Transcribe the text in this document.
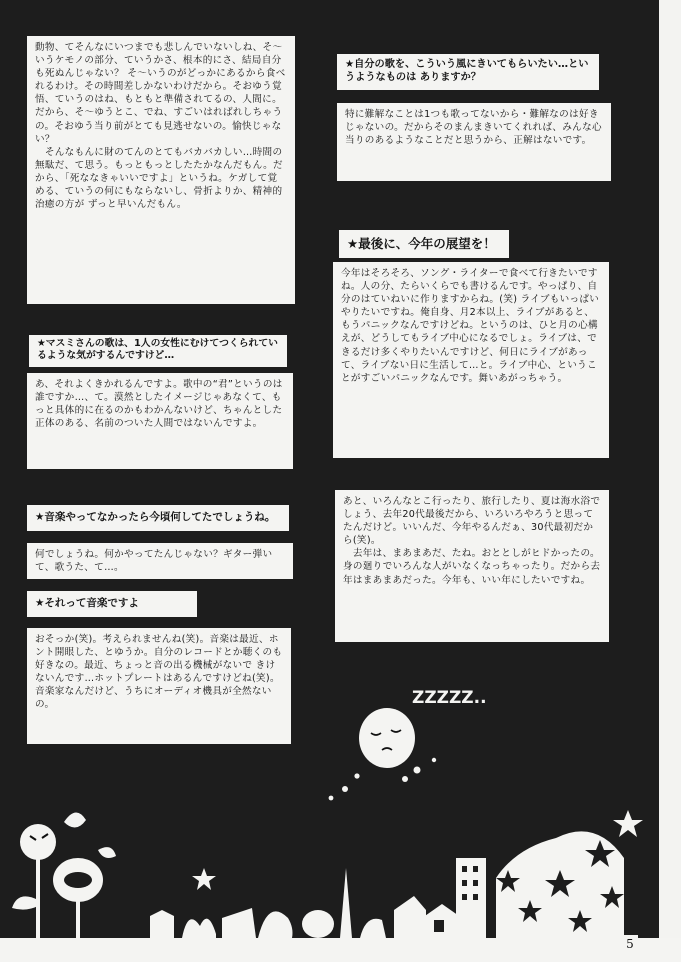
動物、てそんなにいつまでも悲しんでいないしね、そ～いうケモノの部分、ていうかさ、根本的にさ、結局自分も死ぬんじゃない？ そ～いうのがどっかにあるから食べれるわけ。その時間差しかないわけだから。そおゆう覚悟、ていうのはね、もともと準備されてるの、人間に。だから、そ～ゆうとこ、でね、すごいはればれしちゃうの。そおゆう当り前がとても見逃せないの。愉快じゃない？
　そんなもんに財のてんのとてもバカバカしい…時間の無駄だ、て思う。もっともっとしたたかなんだもん。だから、「死ななきゃいいですよ」というね。ケガして覚める、ていうの何にもならないし、骨折よりか、精神的治癒の方が ずっと早いんだもん。

★マスミさんの歌は、1人の女性にむけてつくられているような気がするんですけど…

あ、それよくきかれるんですよ。歌中の“君”というのは誰ですか…、て。漠然としたイメージじゃあなくて、もっと具体的に在るのかもわかんないけど、ちゃんとした正体のある、名前のついた人間ではないんですよ。

★音楽やってなかったら今頃何してたでしょうね。

何でしょうね。何かやってたんじゃない？ギター弾いて、歌うた、て…。

★それって音楽ですよ

おそっか(笑)。考えられませんね(笑)。音楽は最近、ホント開眼した、とゆうか。自分のレコードとか聴くのも好きなの。最近、ちょっと音の出る機械がないで きけないんです…ホットプレートはあるんですけどね(笑)。音楽家なんだけど、うちにオーディオ機具が全然ないの。

★自分の歌を、こういう風にきいてもらいたい…というようなものは ありますか？

特に難解なことは1つも歌ってないから・難解なのは好きじゃないの。だからそのまんまきいてくれれば、みんな心当りのあるようなことだと思うから、正解はないです。

★最後に、今年の展望を！

今年はそろそろ、ソング・ライターで食べて行きたいですね。人の分、たらいくらでも書けるんです。やっぱり、自分のはていねいに作りますからね。(笑) ライブもいっぱいやりたいですね。俺自身、月2本以上、ライブがあると、もうパニックなんですけどね。というのは、ひと月の心構えが、どうしてもライブ中心になるでしょ。ライブは、できるだけ多くやりたいんですけど、何日にライブがあって、ライブない日に生活して…と。ライブ中心、ということがすごいパニックなんです。舞いあがっちゃう。

あと、いろんなとこ行ったり、旅行したり、夏は海水浴でしょう、去年20代最後だから、いろいろやろうと思ってたんだけど。いいんだ、今年やるんだぁ、30代最初だから(笑)。
　去年は、まあまあだ、たね。おととしがヒドかったの。身の廻りでいろんな人がいなくなっちゃったり。だから去年はまあまあだった。今年も、いい年にしたいですね。

ZZZZZ..
5
